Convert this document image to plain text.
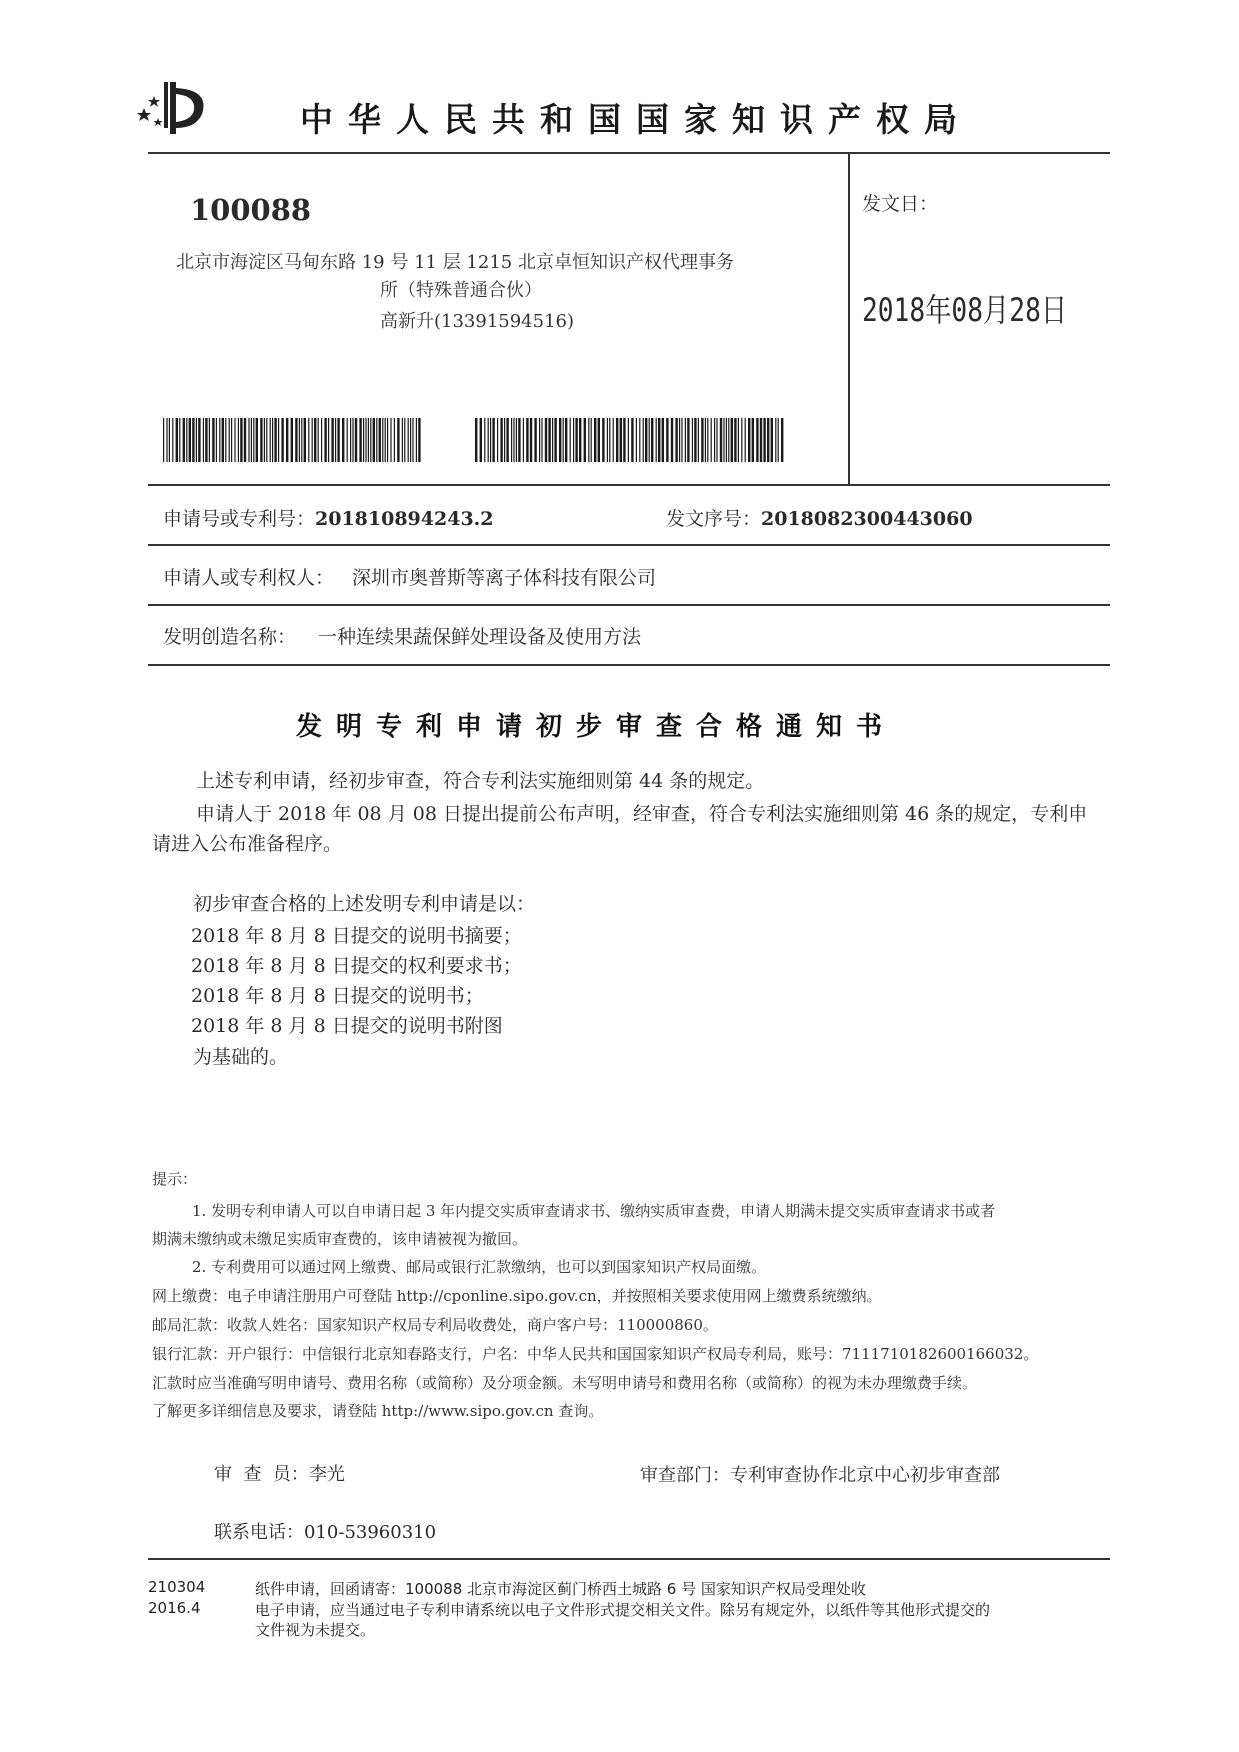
中华人民共和国国家知识产权局
100088
北京市海淀区马甸东路 19 号 11 层 1215 北京卓恒知识产权代理事务
所（特殊普通合伙）
高新升(13391594516)
发文日：
2018年08月28日
申请号或专利号：201810894243.2	发文序号：2018082300443060
申请人或专利权人： 深圳市奥普斯等离子体科技有限公司
发明创造名称： 一种连续果蔬保鲜处理设备及使用方法
发明专利申请初步审查合格通知书
上述专利申请，经初步审查，符合专利法实施细则第 44 条的规定。
申请人于 2018 年 08 月 08 日提出提前公布声明，经审查，符合专利法实施细则第 46 条的规定，专利申
请进入公布准备程序。
初步审查合格的上述发明专利申请是以：
2018 年 8 月 8 日提交的说明书摘要；
2018 年 8 月 8 日提交的权利要求书；
2018 年 8 月 8 日提交的说明书；
2018 年 8 月 8 日提交的说明书附图
为基础的。
提示：
1. 发明专利申请人可以自申请日起 3 年内提交实质审查请求书、缴纳实质审查费，申请人期满未提交实质审查请求书或者
期满未缴纳或未缴足实质审查费的，该申请被视为撤回。
2. 专利费用可以通过网上缴费、邮局或银行汇款缴纳，也可以到国家知识产权局面缴。
网上缴费：电子申请注册用户可登陆 http://cponline.sipo.gov.cn，并按照相关要求使用网上缴费系统缴纳。
邮局汇款：收款人姓名：国家知识产权局专利局收费处，商户客户号：110000860。
银行汇款：开户银行：中信银行北京知春路支行，户名：中华人民共和国国家知识产权局专利局，账号：7111710182600166032。
汇款时应当准确写明申请号、费用名称（或简称）及分项金额。未写明申请号和费用名称（或简称）的视为未办理缴费手续。
了解更多详细信息及要求，请登陆 http://www.sipo.gov.cn 查询。
审  查  员：李光	审查部门：专利审查协作北京中心初步审查部
联系电话：010-53960310
210304
2016.4
纸件申请，回函请寄：100088 北京市海淀区蓟门桥西土城路 6 号 国家知识产权局受理处收
电子申请，应当通过电子专利申请系统以电子文件形式提交相关文件。除另有规定外，以纸件等其他形式提交的
文件视为未提交。
